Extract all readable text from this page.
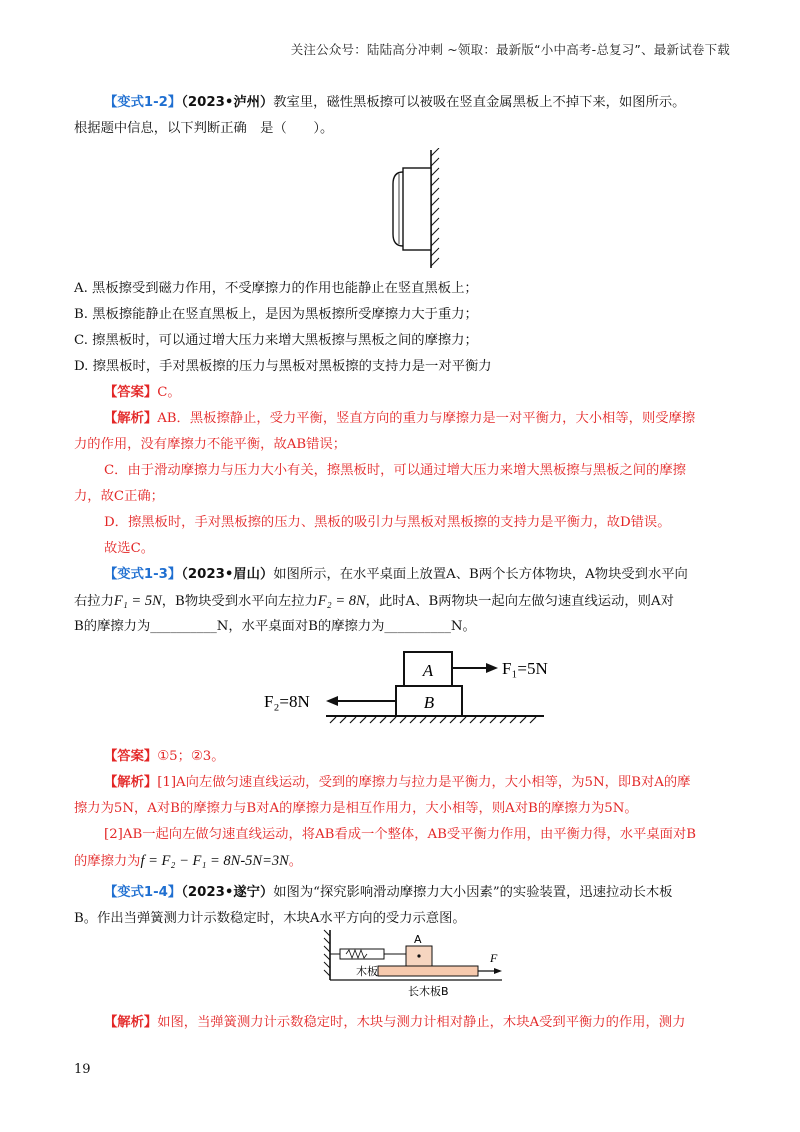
关注公众号：陆陆高分冲刺 ~领取：最新版“小中高考-总复习”、最新试卷下载
【变式1-2】（2023•泸州）教室里，磁性黑板擦可以被吸在竖直金属黑板上不掉下来，如图所示。
根据题中信息，以下判断正确　是（　　）。
A. 黑板擦受到磁力作用，不受摩擦力的作用也能静止在竖直黑板上；
B. 黑板擦能静止在竖直黑板上，是因为黑板擦所受摩擦力大于重力；
C. 擦黑板时，可以通过增大压力来增大黑板擦与黑板之间的摩擦力；
D. 擦黑板时，手对黑板擦的压力与黑板对黑板擦的支持力是一对平衡力
【答案】C。
【解析】AB．黑板擦静止，受力平衡，竖直方向的重力与摩擦力是一对平衡力，大小相等，则受摩擦
力的作用，没有摩擦力不能平衡，故AB错误；
C．由于滑动摩擦力与压力大小有关，擦黑板时，可以通过增大压力来增大黑板擦与黑板之间的摩擦
力，故C正确；
D．擦黑板时，手对黑板擦的压力、黑板的吸引力与黑板对黑板擦的支持力是平衡力，故D错误。
故选C。
【变式1-3】（2023•眉山）如图所示，在水平桌面上放置A、B两个长方体物块，A物块受到水平向
右拉力F₁ = 5N，B物块受到水平向左拉力F₂ = 8N，此时A、B两物块一起向左做匀速直线运动，则A对
B的摩擦力为__________N，水平桌面对B的摩擦力为__________N。
A
B
F₁=5N
F₂=8N
【答案】①5；②3。
【解析】[1]A向左做匀速直线运动，受到的摩擦力与拉力是平衡力，大小相等，为5N，即B对A的摩
擦力为5N，A对B的摩擦力与B对A的摩擦力是相互作用力，大小相等，则A对B的摩擦力为5N。
[2]AB一起向左做匀速直线运动，将AB看成一个整体，AB受平衡力作用，由平衡力得，水平桌面对B
的摩擦力为f = F₂ − F₁ = 8N-5N=3N。
【变式1-4】（2023•遂宁）如图为“探究影响滑动摩擦力大小因素”的实验装置，迅速拉动长木板
B。作出当弹簧测力计示数稳定时，木块A水平方向的受力示意图。
A
木板
F
长木板B
【解析】如图，当弹簧测力计示数稳定时，木块与测力计相对静止，木块A受到平衡力的作用，测力
19
